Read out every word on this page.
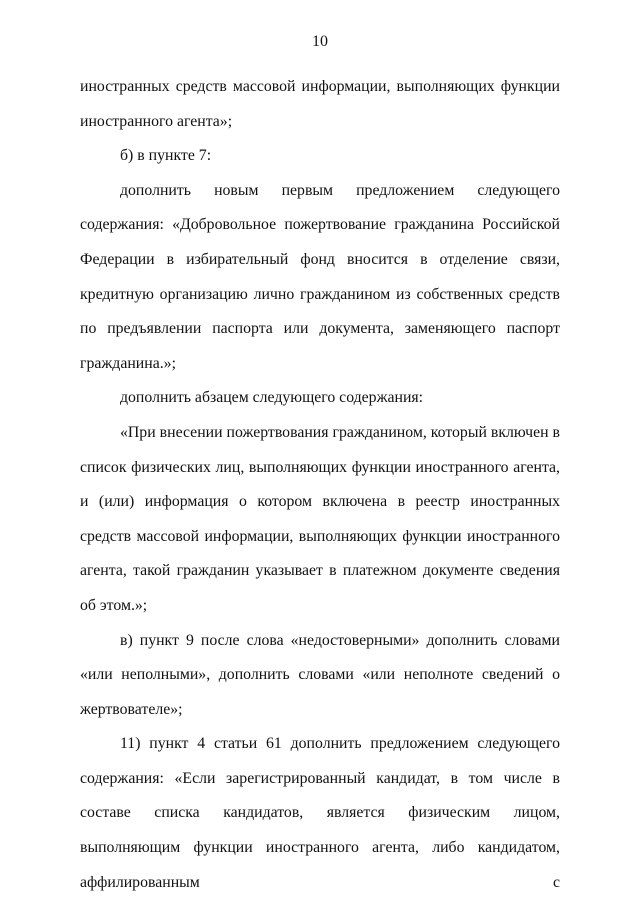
10

иностранных средств массовой информации, выполняющих функции иностранного агента»;

б) в пункте 7:

дополнить новым первым предложением следующего содержания: «Добровольное пожертвование гражданина Российской Федерации в избирательный фонд вносится в отделение связи, кредитную организацию лично гражданином из собственных средств по предъявлении паспорта или документа, заменяющего паспорт гражданина.»;

дополнить абзацем следующего содержания:

«При внесении пожертвования гражданином, который включен в список физических лиц, выполняющих функции иностранного агента, и (или) информация о котором включена в реестр иностранных средств массовой информации, выполняющих функции иностранного агента, такой гражданин указывает в платежном документе сведения об этом.»;

в) пункт 9 после слова «недостоверными» дополнить словами «или неполными», дополнить словами «или неполноте сведений о жертвователе»;

11) пункт 4 статьи 61 дополнить предложением следующего содержания: «Если зарегистрированный кандидат, в том числе в составе списка кандидатов, является физическим лицом, выполняющим функции иностранного агента, либо кандидатом, аффилированным с
